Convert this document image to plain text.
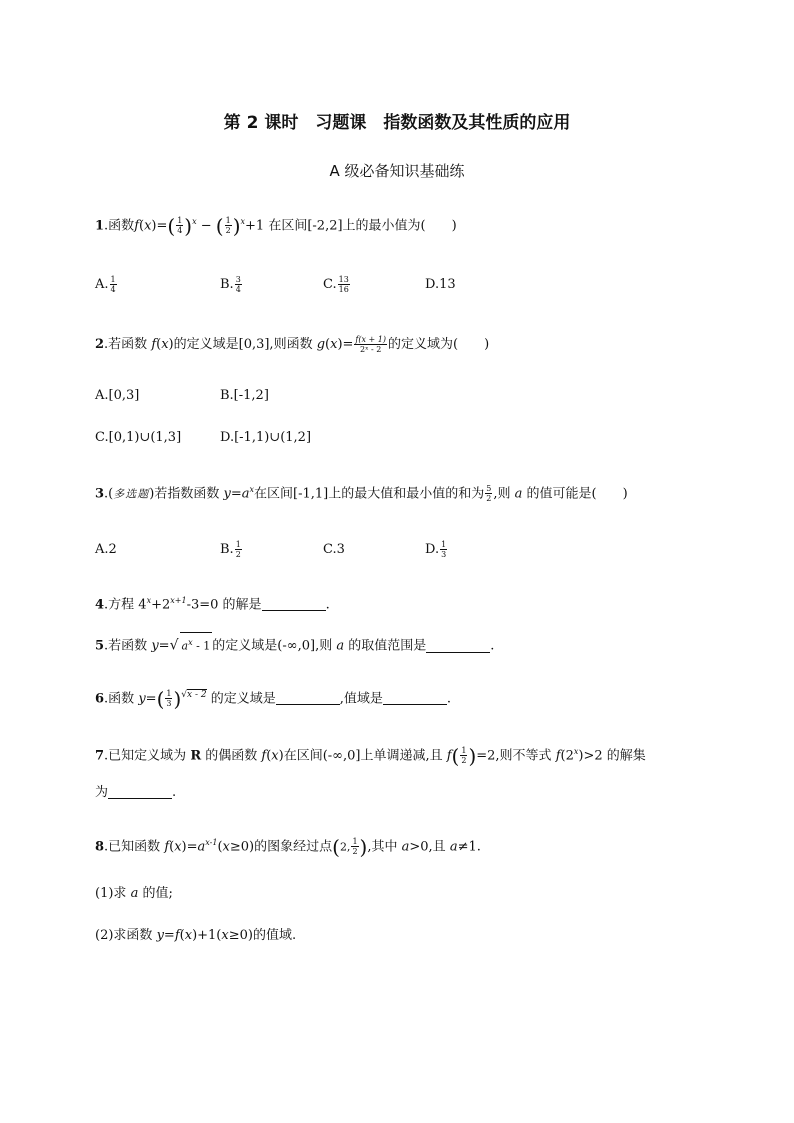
第 2 课时　习题课　指数函数及其性质的应用
A 级必备知识基础练
1.函数$f(x)=( \frac{1}{4} )^x$ − ( $\frac{1}{2} )^x+1$ 在区间[-2,2]上的最小值为(　　)
A. $\frac{1}{4}$	B. $\frac{3}{4}$	C. $\frac{13}{16}$	D.13
2.若函数 f(x)的定义域是[0,3],则函数 $g(x)= \frac{f(x + 1)}{\text{2ˣ - 2}}$ 的定义域为(　　)
A.[0,3]	B.[-1,2]
C.[0,1)∪(1,3]	D.[-1,1)∪(1,2]
3.(多选题)若指数函数 $y=a^x$在区间[-1,1]上的最大值和最小值的和为 $\frac{5}{2}$ ,则 a 的值可能是(　　)
A.2	B. $\frac{1}{2}$	C.3	D. $\frac{1}{3}$
4.方程 $4^x+2^{x+1}-3=0$ 的解是	.
5.若函数 y=√ $a^x - 1$ 的定义域是(-∞,0],则 a 的取值范围是	.
6.函数 $y=( \frac{1}{3} )^{√x - 2}$ 的定义域是	,值域是	.
7.已知定义域为 R 的偶函数 f(x)在区间(-∞,0]上单调递减,且 $f( \frac{1}{2} )=2$,则不等式 $f(2^x)>2$ 的解集
为	.
8.已知函数 $f(x)=a^{x-1}(x\ge 0)$的图象经过点(2, $\frac{1}{2}$ ),其中 a>0,且 a≠1.
(1)求 a 的值;
(2)求函数 y=f(x)+1(x≥0)的值域.
